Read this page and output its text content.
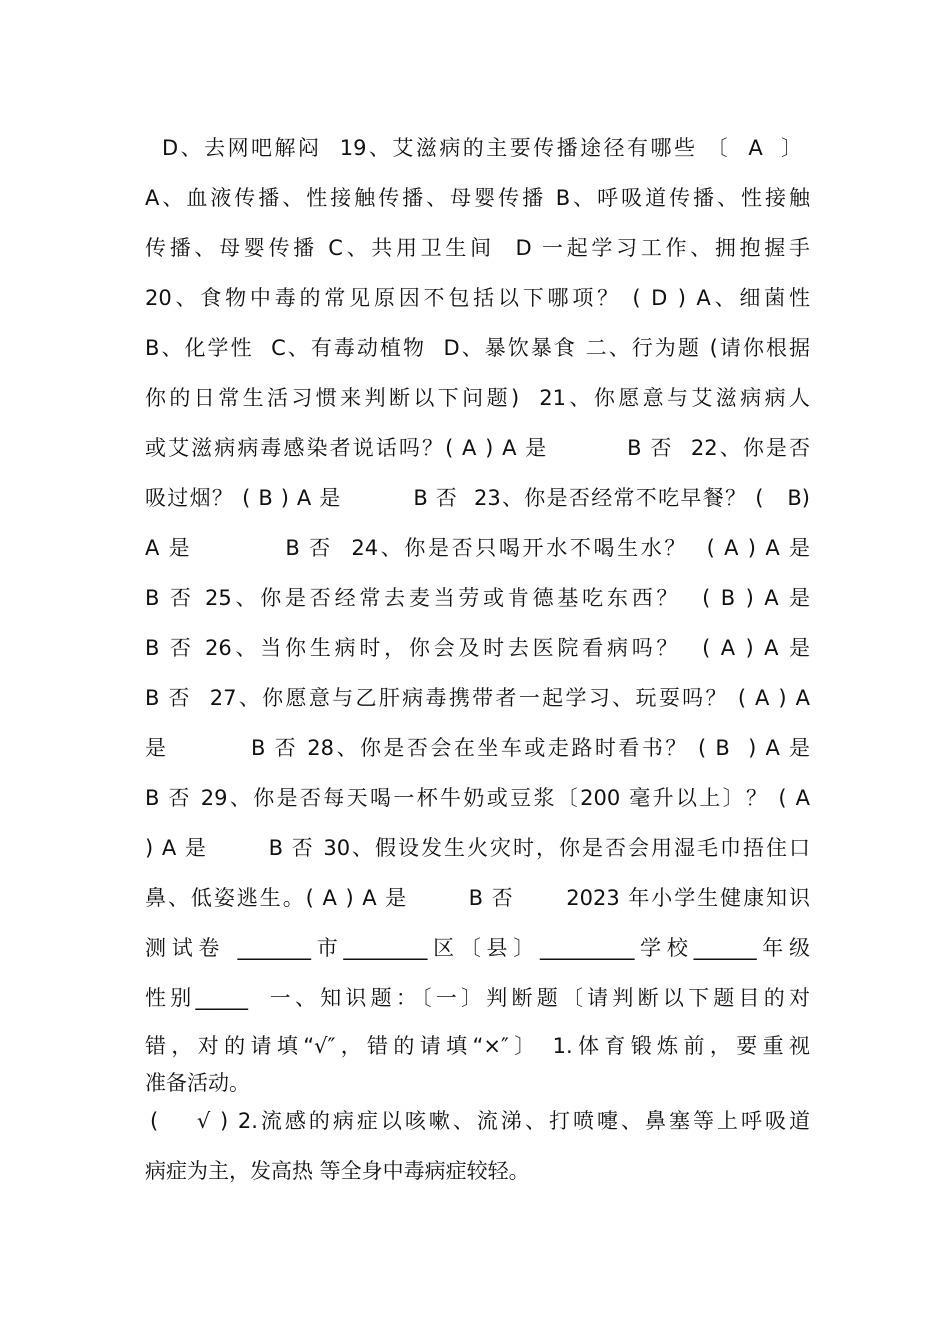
D、去网吧解闷  19、艾滋病的主要传播途径有哪些 〔  A  〕
A、血液传播、性接触传播、母婴传播 B、呼吸道传播、性接触
传播、母婴传播 C、共用卫生间  D 一起学习工作、拥抱握手
20、食物中毒的常见原因不包括以下哪项？ ( D ) A、细菌性
B、化学性  C、有毒动植物  D、暴饮暴食 二、行为题 (请你根据
你的日常生活习惯来判断以下问题)  21、你愿意与艾滋病病人
或艾滋病病毒感染者说话吗？( A ) A 是         B 否  22、你是否
吸过烟？ ( B ) A 是         B 否  23、你是否经常不吃早餐？ (   B)
A 是          B 否  24、你是否只喝开水不喝生水？  ( A ) A 是
B 否 25、你是否经常去麦当劳或肯德基吃东西？  ( B ) A 是
B 否 26、当你生病时，你会及时去医院看病吗？  ( A ) A 是
B 否  27、你愿意与乙肝病毒携带者一起学习、玩耍吗？ ( A ) A
是         B 否 28、你是否会在坐车或走路时看书？ ( B  ) A 是
B 否 29、你是否每天喝一杯牛奶或豆浆〔200 毫升以上〕？ ( A
) A 是       B 否 30、假设发生火灾时，你是否会用湿毛巾捂住口
鼻、低姿逃生。( A ) A 是       B 否      2023 年小学生健康知识
测试卷 _______市________区〔县〕_________学校______年级
性别_____  一、知识题：〔一〕判断题〔请判断以下题目的对
错，对的请填“√″，错的请填“×″〕 1.体育锻炼前，要重视
准备活动。
(    √ ) 2.流感的病症以咳嗽、流涕、打喷嚏、鼻塞等上呼吸道
病症为主，发高热 等全身中毒病症较轻。
